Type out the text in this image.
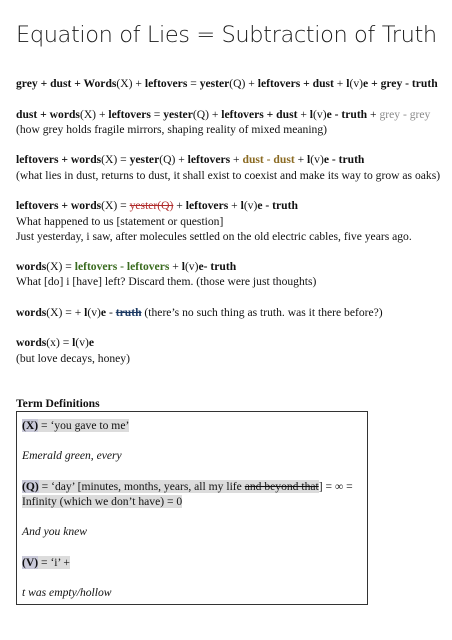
Equation of Lies = Subtraction of Truth
grey + dust + Words(X) + leftovers = yester(Q) + leftovers + dust + l(v)e + grey - truth
dust + words(X) + leftovers = yester(Q) + leftovers + dust + l(v)e - truth + grey - grey
(how grey holds fragile mirrors, shaping reality of mixed meaning)
leftovers + words(X) = yester(Q) + leftovers + dust - dust + l(v)e - truth
(what lies in dust, returns to dust, it shall exist to coexist and make its way to grow as oaks)
leftovers + words(X) = yester(Q) + leftovers + l(v)e - truth
What happened to us [statement or question]
Just yesterday, i saw, after molecules settled on the old electric cables, five years ago.
words(X) = leftovers - leftovers + l(v)e- truth
What [do] i [have] left? Discard them. (those were just thoughts)
words(X) = + l(v)e - truth (there’s no such thing as truth. was it there before?)
words(x) = l(v)e
(but love decays, honey)
Term Definitions
(X) = ‘you gave to me’
Emerald green, every
(Q) = ‘day’ [minutes, months, years, all my life and beyond that] = ∞ =
Infinity (which we don’t have) = 0
And you knew
(V) = ‘i’ +
t was empty/hollow
